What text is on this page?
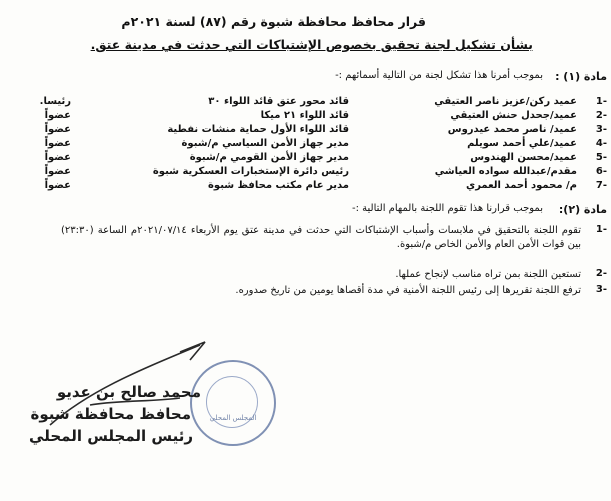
قرار محافظ محافظة شبوة رقم (٨٧) لسنة ٢٠٢١م
بشأن تشكيل لجنة تحقيق بخصوص الإشتباكات التي حدثت في مدينة عتق.
مادة (١) :
بموجب أمرنا هذا تشكل لجنة من التالية أسمائهم :-
-1
عميد ركن/عزيز ناصر العتيقي
قائد محور عتق قائد اللواء ٣٠
رئيسا.
-2
عميد/جحدل حنش العتيقي
قائد اللواء ٢١ ميكا
عضواً
-3
عميد/ ناصر محمد عيدروس
قائد اللواء الأول حماية منشات نفطية
عضواً
-4
عميد/علي أحمد سويلم
مدير جهاز الأمن السياسي م/شبوة
عضواً
-5
عميد/محسن الهندوس
مدير جهاز الأمن القومي م/شبوة
عضواً
-6
مقدم/عبدالله سواده العياشي
رئيس دائرة الإستخبارات العسكرية شبوة
عضواً
-7
م/ محمود أحمد العمري
مدير عام مكتب محافظ شبوة
عضواً
مادة (٢):
بموجب قرارنا هذا تقوم اللجنة بالمهام التالية :-
-1
تقوم اللجنة بالتحقيق في ملابسات وأسباب الإشتباكات التي حدثت في مدينة عتق يوم الأربعاء ٢٠٢١/٠٧/١٤م الساعة (٢٣:٣٠) بين قوات الأمن العام والأمن الخاص م/شبوة.
-2
تستعين اللجنة بمن تراه مناسب لإنجاح عملها.
-3
ترفع اللجنة تقريرها إلى رئيس اللجنة الأمنية في مدة أقصاها يومين من تاريخ صدوره.
المجلس المحلي
محمد صالح بن عديو
محافظ محافظة شبوة
رئيس المجلس المحلي
